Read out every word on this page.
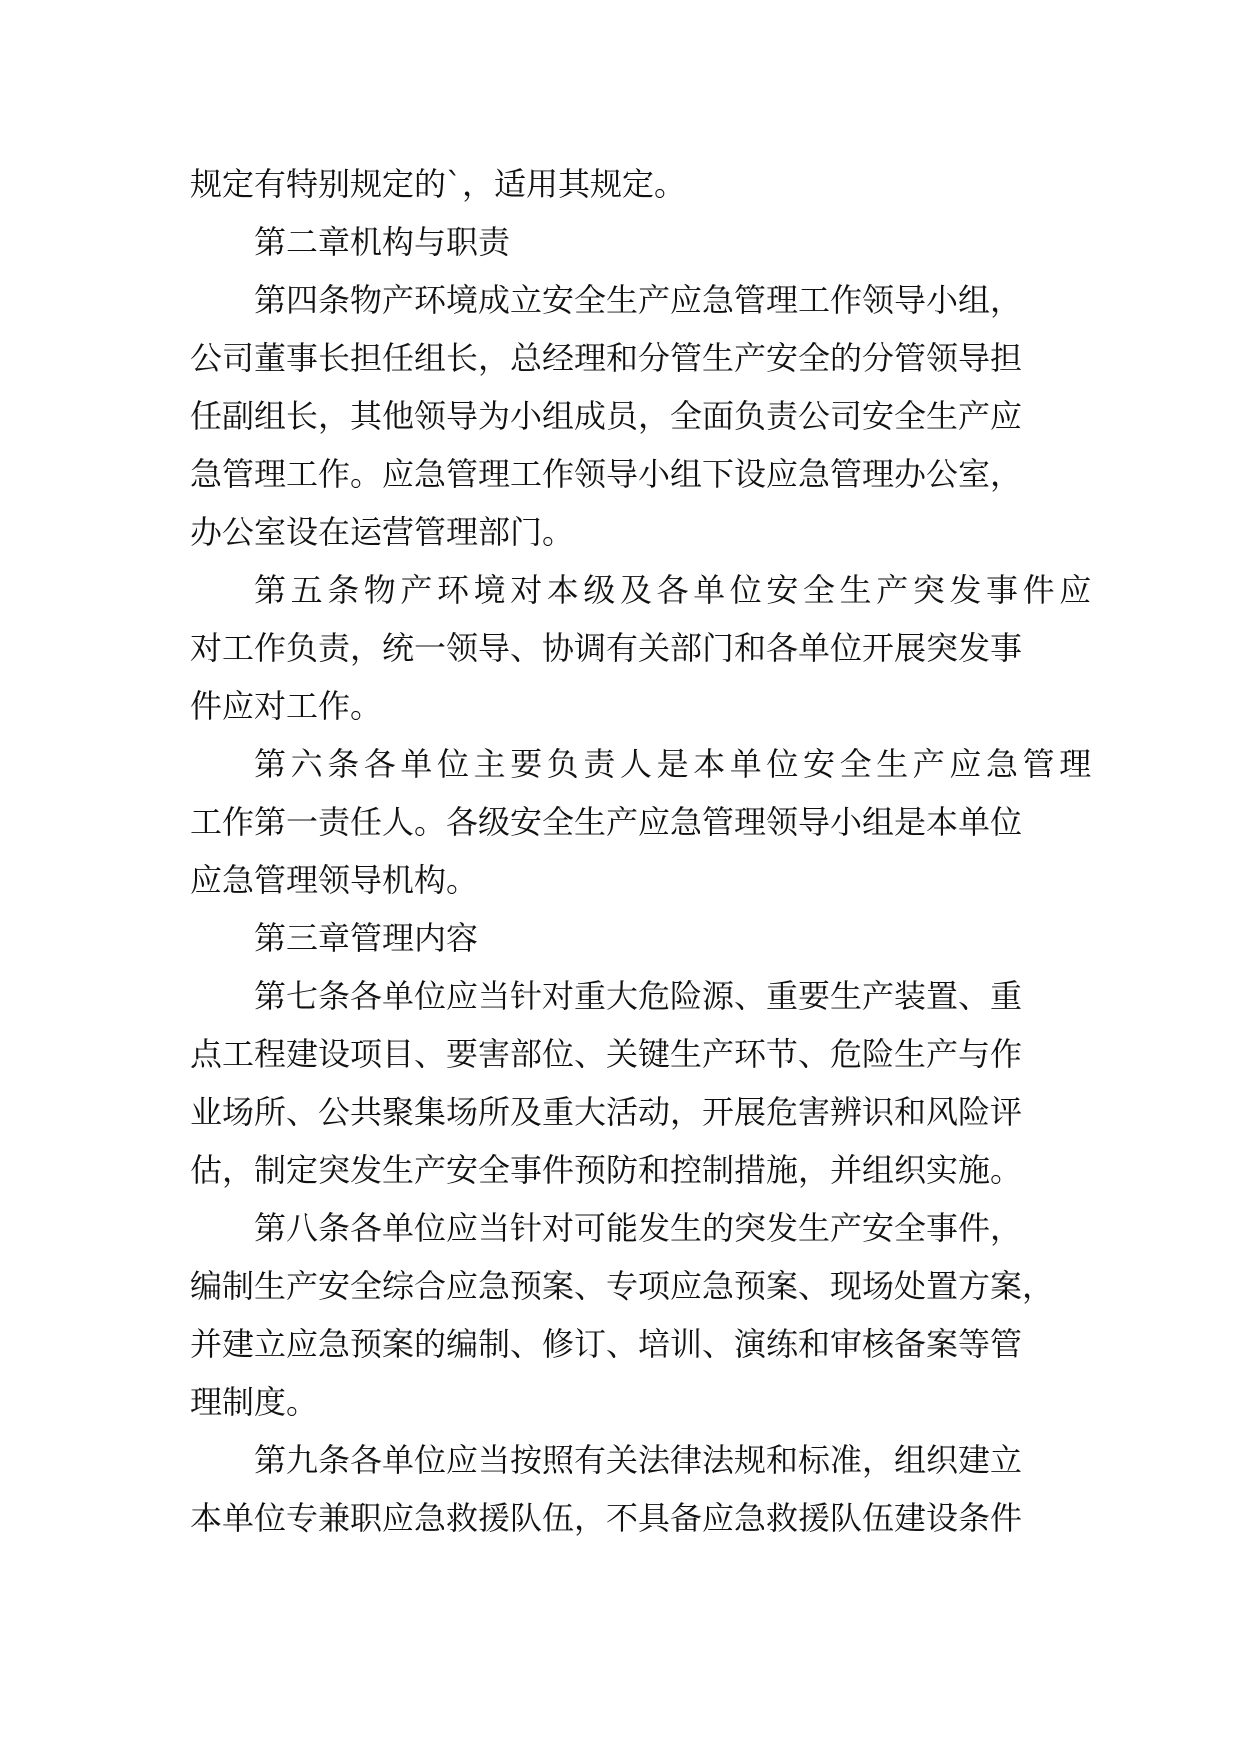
规定有特别规定的`，适用其规定。
第二章机构与职责
第四条物产环境成立安全生产应急管理工作领导小组，
公司董事长担任组长，总经理和分管生产安全的分管领导担
任副组长，其他领导为小组成员，全面负责公司安全生产应
急管理工作。应急管理工作领导小组下设应急管理办公室，
办公室设在运营管理部门。
第五条物产环境对本级及各单位安全生产突发事件应
对工作负责，统一领导、协调有关部门和各单位开展突发事
件应对工作。
第六条各单位主要负责人是本单位安全生产应急管理
工作第一责任人。各级安全生产应急管理领导小组是本单位
应急管理领导机构。
第三章管理内容
第七条各单位应当针对重大危险源、重要生产装置、重
点工程建设项目、要害部位、关键生产环节、危险生产与作
业场所、公共聚集场所及重大活动，开展危害辨识和风险评
估，制定突发生产安全事件预防和控制措施，并组织实施。
第八条各单位应当针对可能发生的突发生产安全事件，
编制生产安全综合应急预案、专项应急预案、现场处置方案，
并建立应急预案的编制、修订、培训、演练和审核备案等管
理制度。
第九条各单位应当按照有关法律法规和标准，组织建立
本单位专兼职应急救援队伍，不具备应急救援队伍建设条件
